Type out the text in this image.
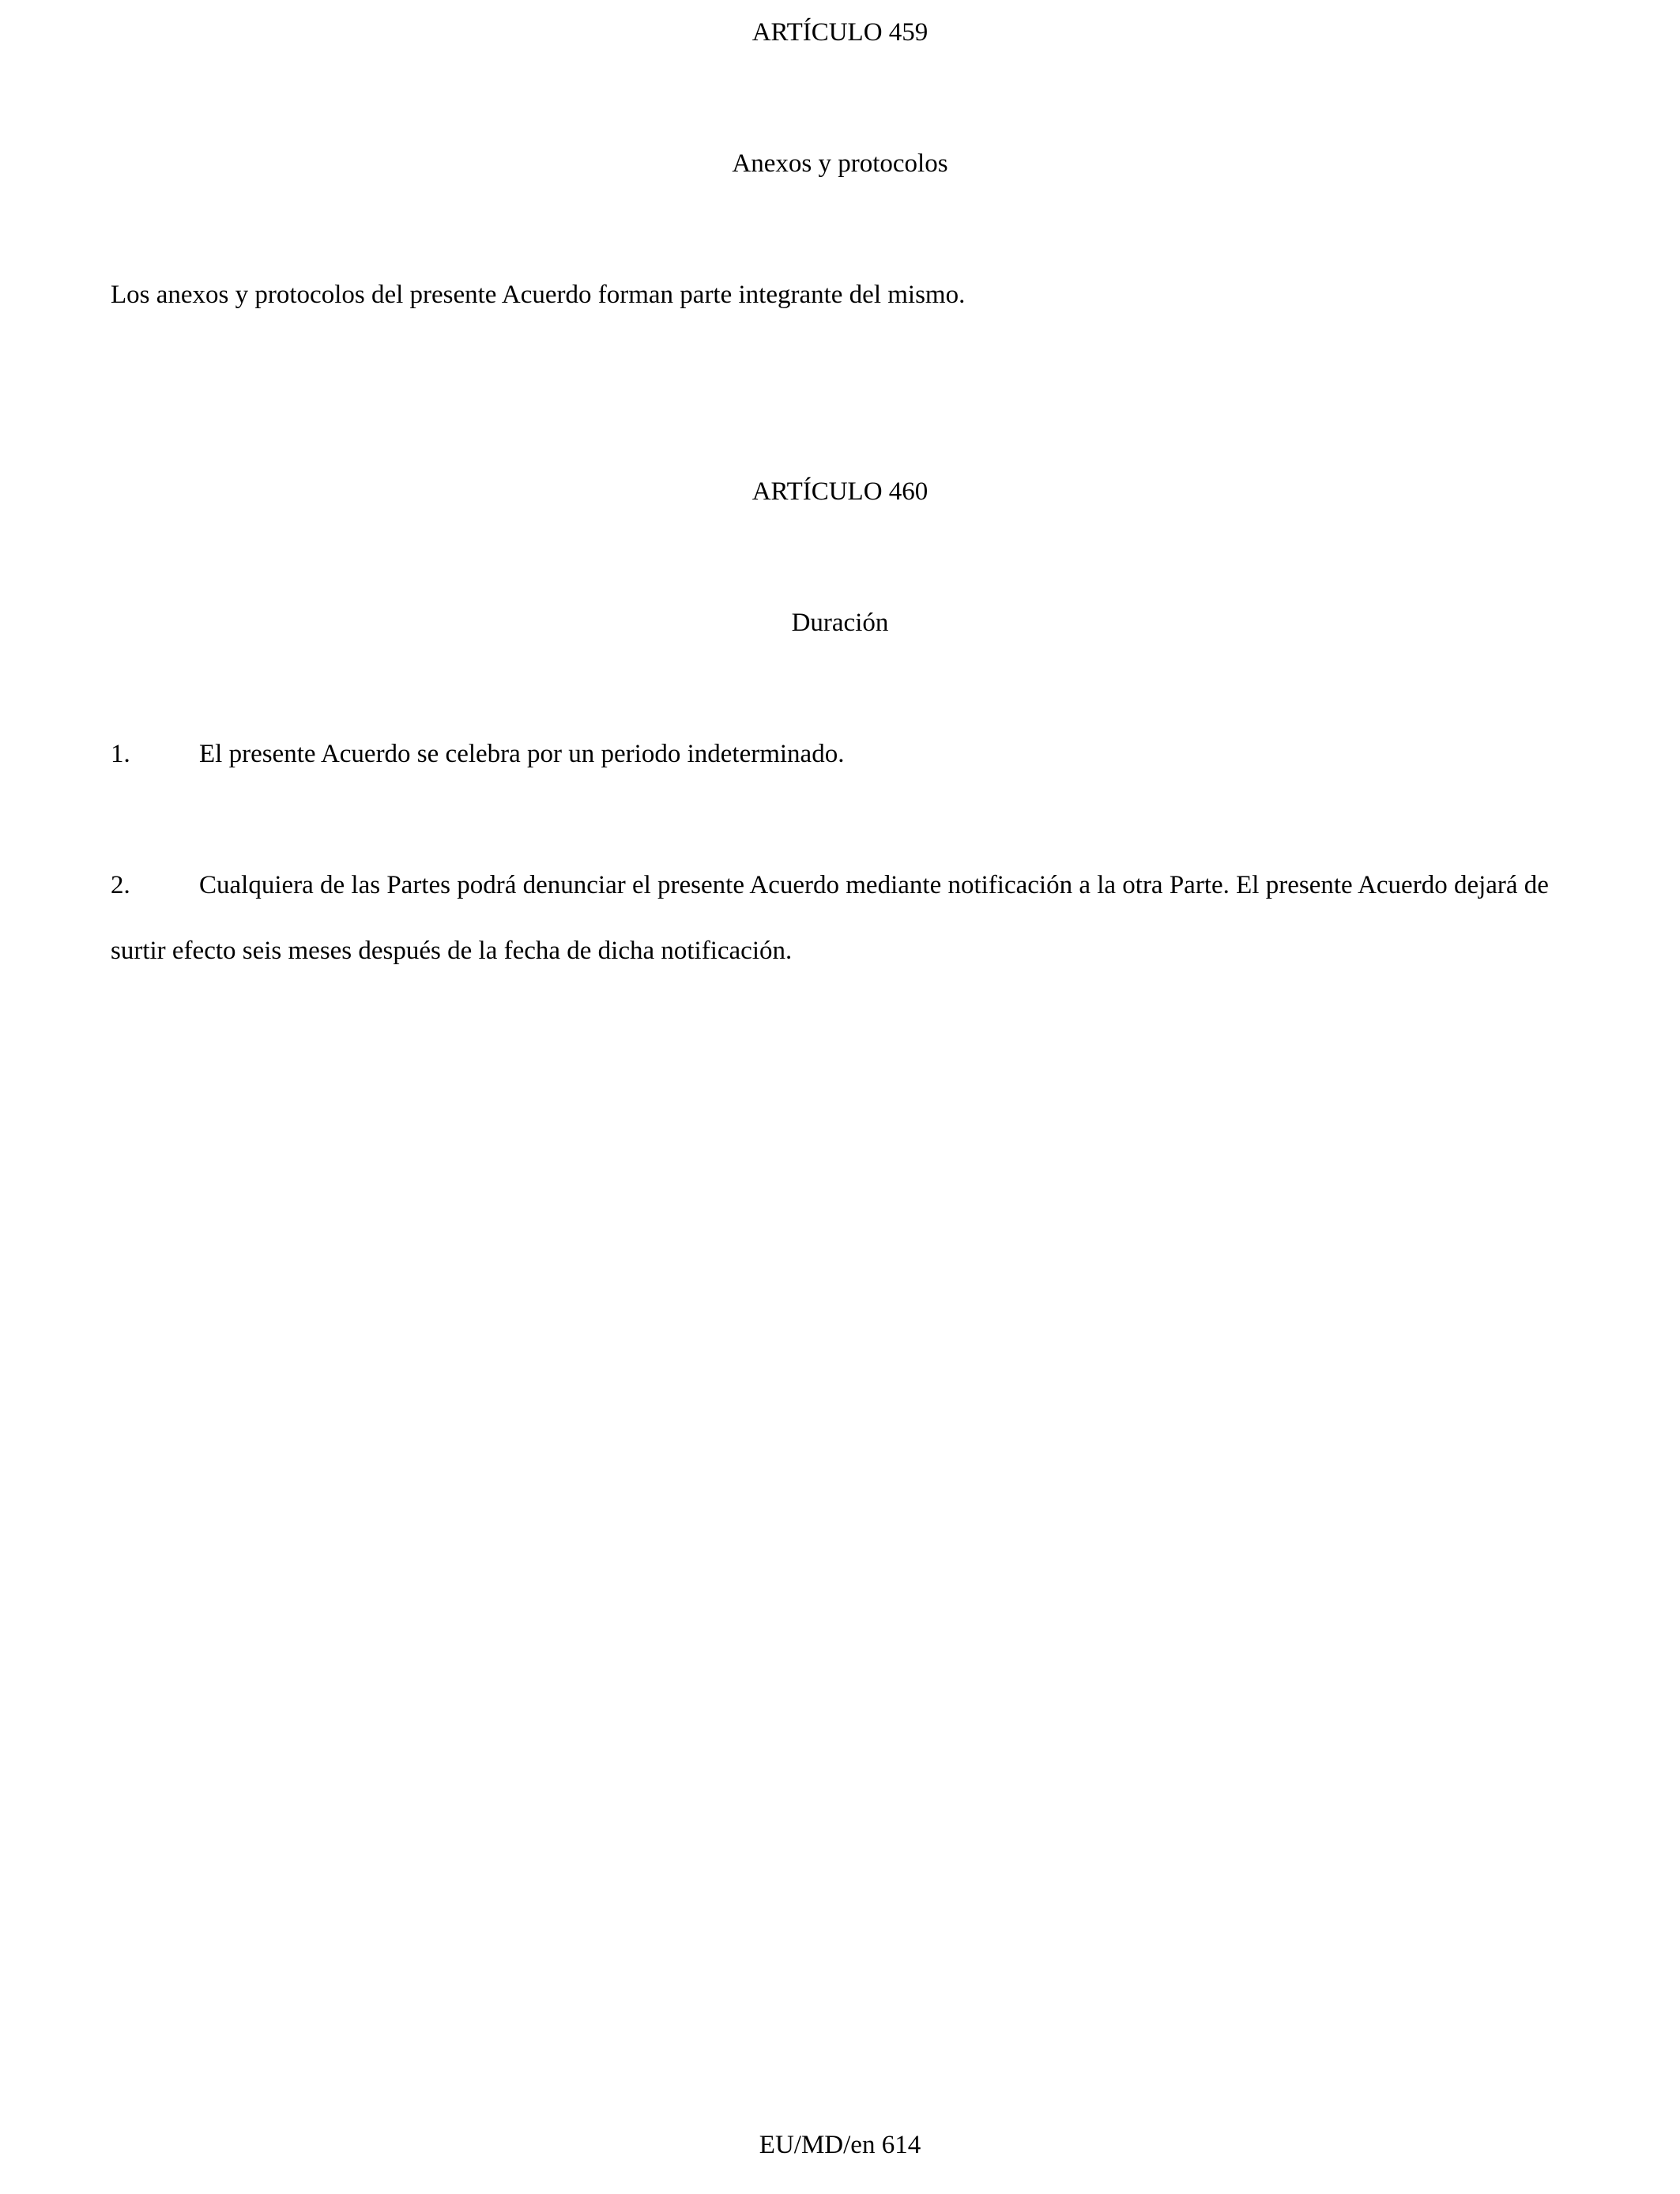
ARTÍCULO 459
Anexos y protocolos
Los anexos y protocolos del presente Acuerdo forman parte integrante del mismo.
ARTÍCULO 460
Duración
1.	El presente Acuerdo se celebra por un periodo indeterminado.
2.	Cualquiera de las Partes podrá denunciar el presente Acuerdo mediante notificación a la otra Parte. El presente Acuerdo dejará de surtir efecto seis meses después de la fecha de dicha notificación.
EU/MD/en 614
